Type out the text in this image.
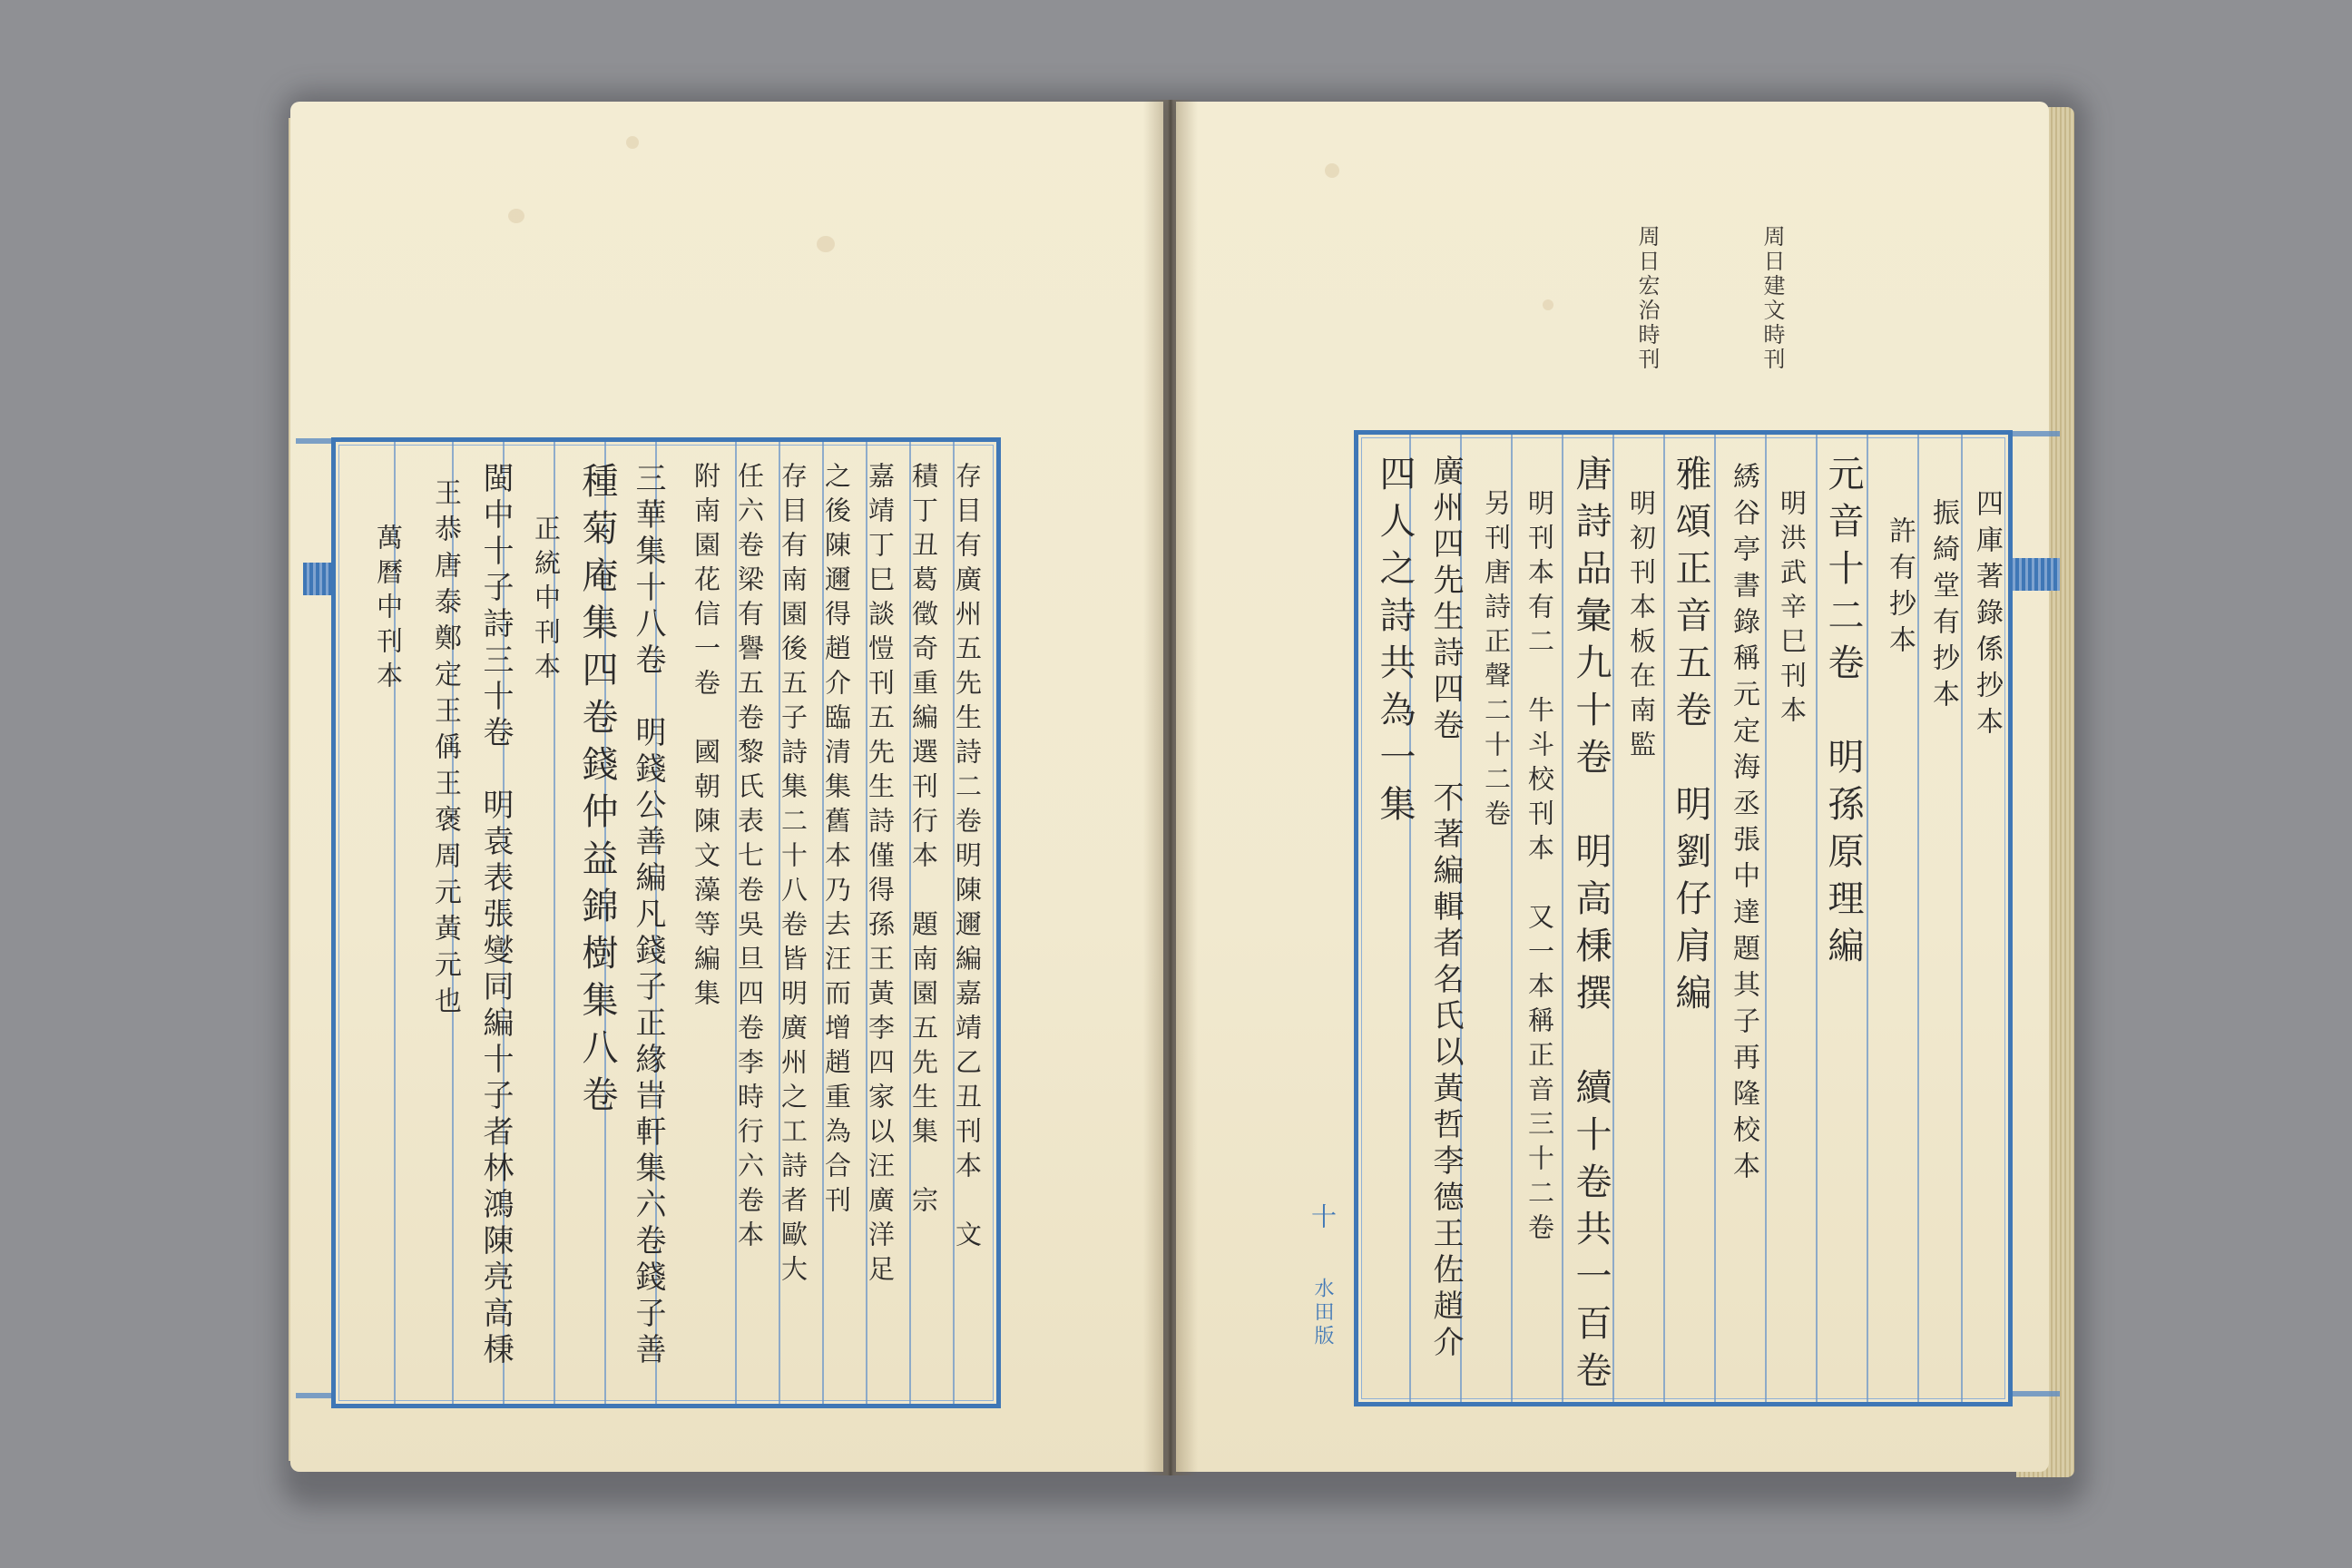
周日建文時刊
周日宏治時刊
十
水田版
存目有廣州五先生詩二卷明陳邇編嘉靖乙丑刊本　文
積丁丑葛徵奇重編選刊行本　題南園五先生集　宗
嘉靖丁巳談愷刊五先生詩僅得孫王黃李四家以汪廣洋足
之後陳邇得趙介臨清集舊本乃去汪而增趙重為合刊
存目有南園後五子詩集二十八卷皆明廣州之工詩者歐大
任六卷梁有譽五卷黎氏表七卷吳旦四卷李時行六卷本
附南園花信一卷　國朝陳文藻等編集
三華集十八卷　明錢公善編凡錢子正緣旹軒集六卷錢子善
種菊庵集四卷錢仲益錦樹集八卷
正統中刊本
閩中十子詩三十卷　明袁表張燮同編十子者林鴻陳亮高棅
王恭唐泰鄭定王偁王褒周元黃元也
萬曆中刊本	四庫著錄係抄本
振綺堂有抄本
許有抄本
元音十二卷　明孫原理編
明洪武辛巳刊本
綉谷亭書錄稱元定海丞張中達題其子再隆校本
雅頌正音五卷　明劉仔肩編
明初刊本板在南監
唐詩品彙九十卷　明高棅撰　續十卷共一百卷
明刊本有二　牛斗校刊本　又一本稱正音三十二卷
另刊唐詩正聲二十二卷
廣州四先生詩四卷　不著編輯者名氏以黃哲李德王佐趙介
四人之詩共為一集
